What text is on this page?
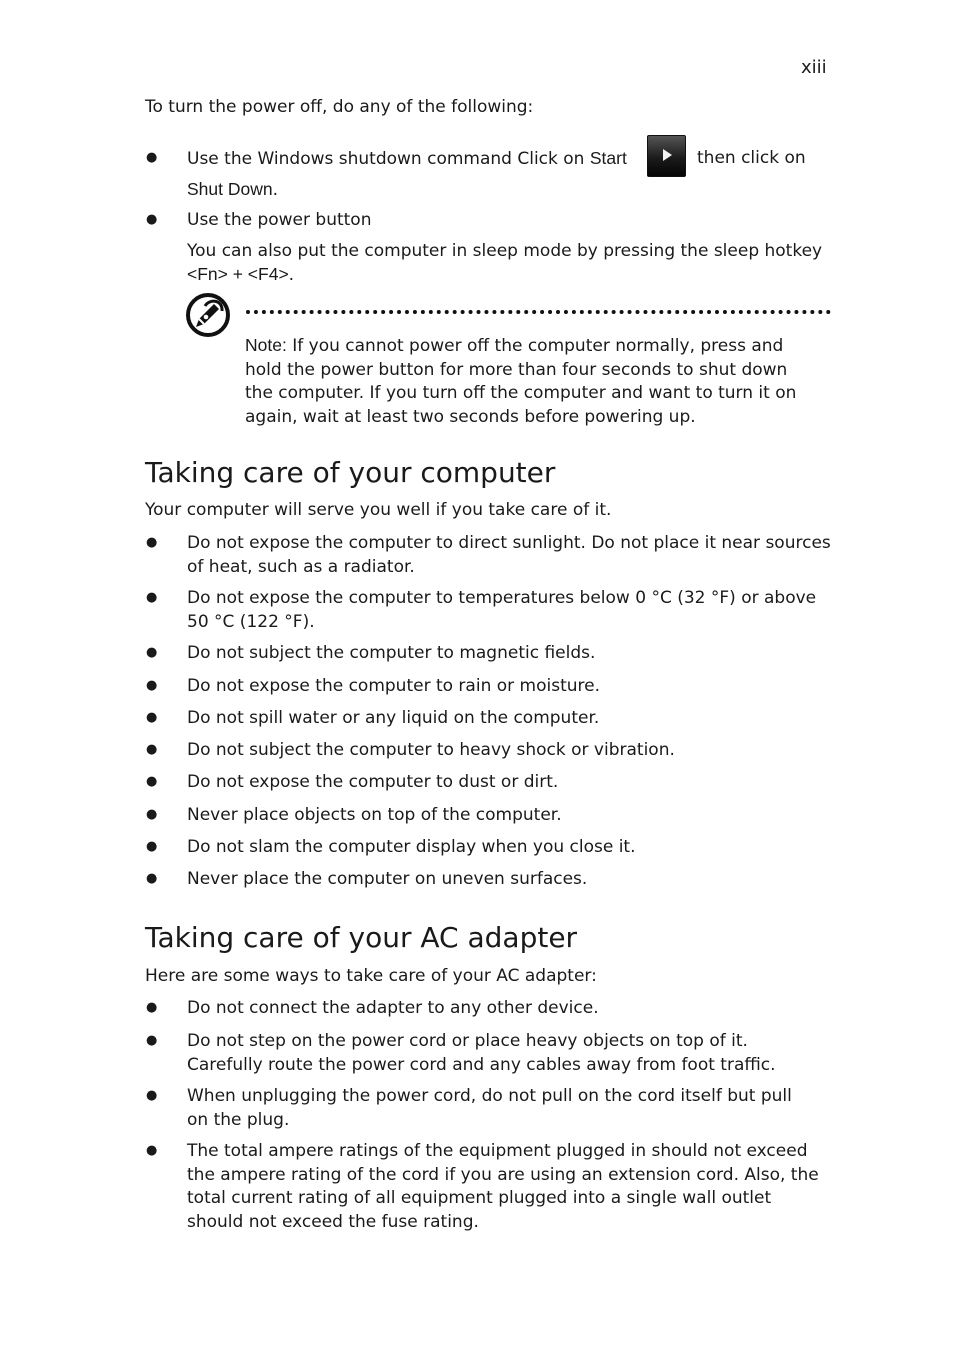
xiii
To turn the power off, do any of the following:
● Use the Windows shutdown command Click on Start	then click on
Shut Down.
● Use the power button
You can also put the computer in sleep mode by pressing the sleep hotkey
<Fn> + <F4>.
Note: If you cannot power off the computer normally, press and
hold the power button for more than four seconds to shut down
the computer. If you turn off the computer and want to turn it on
again, wait at least two seconds before powering up.
Taking care of your computer
Your computer will serve you well if you take care of it.
● Do not expose the computer to direct sunlight. Do not place it near sources
of heat, such as a radiator.
● Do not expose the computer to temperatures below 0 °C (32 °F) or above
50 °C (122 °F).
● Do not subject the computer to magnetic fields.
● Do not expose the computer to rain or moisture.
● Do not spill water or any liquid on the computer.
● Do not subject the computer to heavy shock or vibration.
● Do not expose the computer to dust or dirt.
● Never place objects on top of the computer.
● Do not slam the computer display when you close it.
● Never place the computer on uneven surfaces.
Taking care of your AC adapter
Here are some ways to take care of your AC adapter:
● Do not connect the adapter to any other device.
● Do not step on the power cord or place heavy objects on top of it.
Carefully route the power cord and any cables away from foot traffic.
● When unplugging the power cord, do not pull on the cord itself but pull
on the plug.
● The total ampere ratings of the equipment plugged in should not exceed
the ampere rating of the cord if you are using an extension cord. Also, the
total current rating of all equipment plugged into a single wall outlet
should not exceed the fuse rating.
